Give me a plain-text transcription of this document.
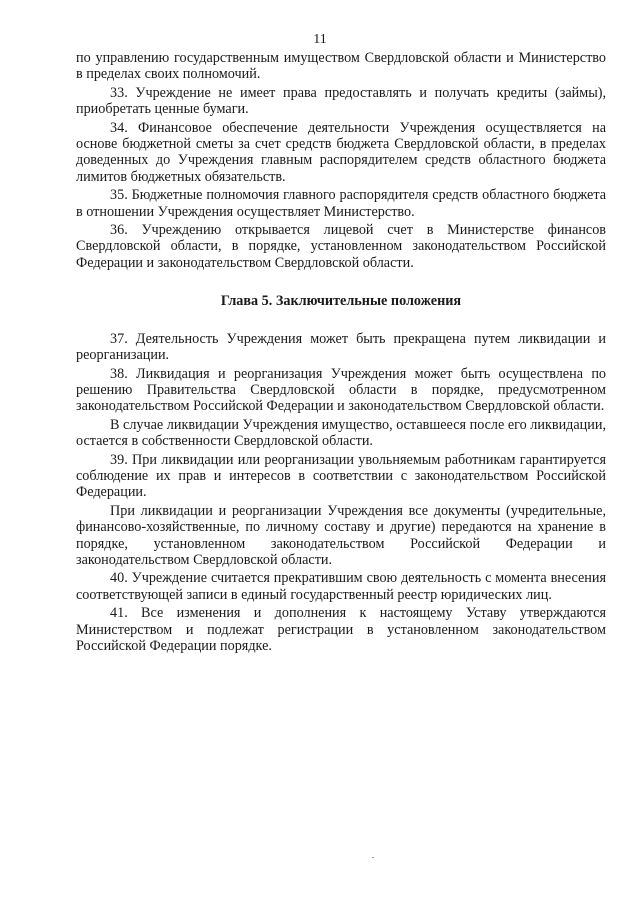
11

по управлению государственным имуществом Свердловской области и Министерство в пределах своих полномочий.

33. Учреждение не имеет права предоставлять и получать кредиты (займы), приобретать ценные бумаги.

34. Финансовое обеспечение деятельности Учреждения осуществляется на основе бюджетной сметы за счет средств бюджета Свердловской области, в пределах доведенных до Учреждения главным распорядителем средств областного бюджета лимитов бюджетных обязательств.

35. Бюджетные полномочия главного распорядителя средств областного бюджета в отношении Учреждения осуществляет Министерство.

36. Учреждению открывается лицевой счет в Министерстве финансов Свердловской области, в порядке, установленном законодательством Российской Федерации и законодательством Свердловской области.

Глава 5. Заключительные положения

37. Деятельность Учреждения может быть прекращена путем ликвидации и реорганизации.

38. Ликвидация и реорганизация Учреждения может быть осуществлена по решению Правительства Свердловской области в порядке, предусмотренном законодательством Российской Федерации и законодательством Свердловской области.

В случае ликвидации Учреждения имущество, оставшееся после его ликвидации, остается в собственности Свердловской области.

39. При ликвидации или реорганизации увольняемым работникам гарантируется соблюдение их прав и интересов в соответствии с законодательством Российской Федерации.

При ликвидации и реорганизации Учреждения все документы (учредительные, финансово-хозяйственные, по личному составу и другие) передаются на хранение в порядке, установленном законодательством Российской Федерации и законодательством Свердловской области.

40. Учреждение считается прекратившим свою деятельность с момента внесения соответствующей записи в единый государственный реестр юридических лиц.

41. Все изменения и дополнения к настоящему Уставу утверждаются Министерством и подлежат регистрации в установленном законодательством Российской Федерации порядке.
